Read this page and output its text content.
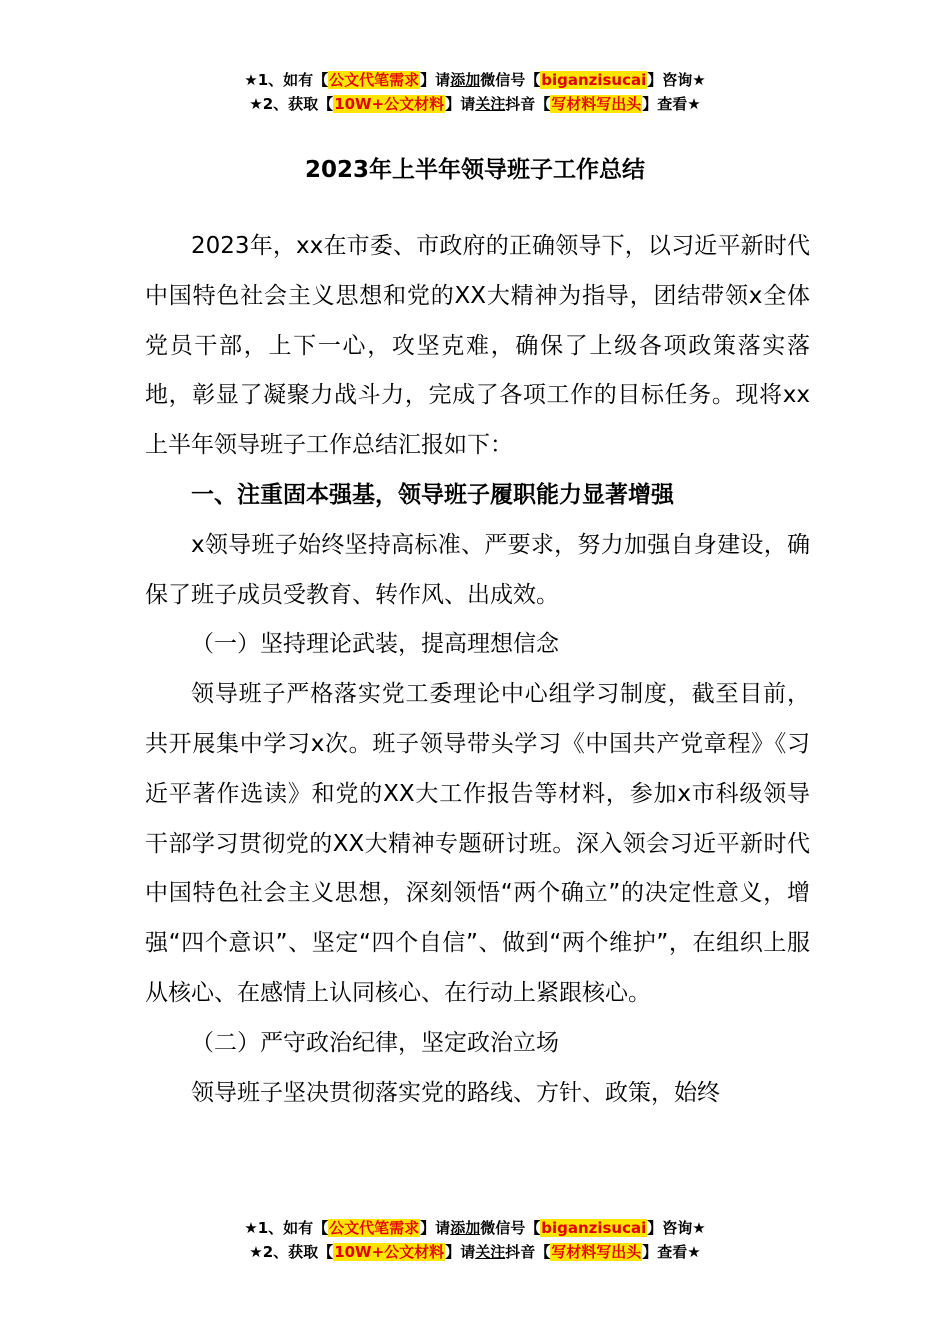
★1、如有【公文代笔需求】请添加微信号【biganzisucai】咨询★
★2、获取【10W+公文材料】请关注抖音【写材料写出头】查看★
2023年上半年领导班子工作总结

2023年，xx在市委、市政府的正确领导下，以习近平新时代中国特色社会主义思想和党的XX大精神为指导，团结带领x全体党员干部，上下一心，攻坚克难，确保了上级各项政策落实落地，彰显了凝聚力战斗力，完成了各项工作的目标任务。现将xx上半年领导班子工作总结汇报如下：

一、注重固本强基，领导班子履职能力显著增强

x领导班子始终坚持高标准、严要求，努力加强自身建设，确保了班子成员受教育、转作风、出成效。

（一）坚持理论武装，提高理想信念

领导班子严格落实党工委理论中心组学习制度，截至目前，共开展集中学习x次。班子领导带头学习《中国共产党章程》《习近平著作选读》和党的XX大工作报告等材料，参加x市科级领导干部学习贯彻党的XX大精神专题研讨班。深入领会习近平新时代中国特色社会主义思想，深刻领悟“两个确立”的决定性意义，增强“四个意识”、坚定“四个自信”、做到“两个维护”，在组织上服从核心、在感情上认同核心、在行动上紧跟核心。

（二）严守政治纪律，坚定政治立场

领导班子坚决贯彻落实党的路线、方针、政策，始终

★1、如有【公文代笔需求】请添加微信号【biganzisucai】咨询★
★2、获取【10W+公文材料】请关注抖音【写材料写出头】查看★
